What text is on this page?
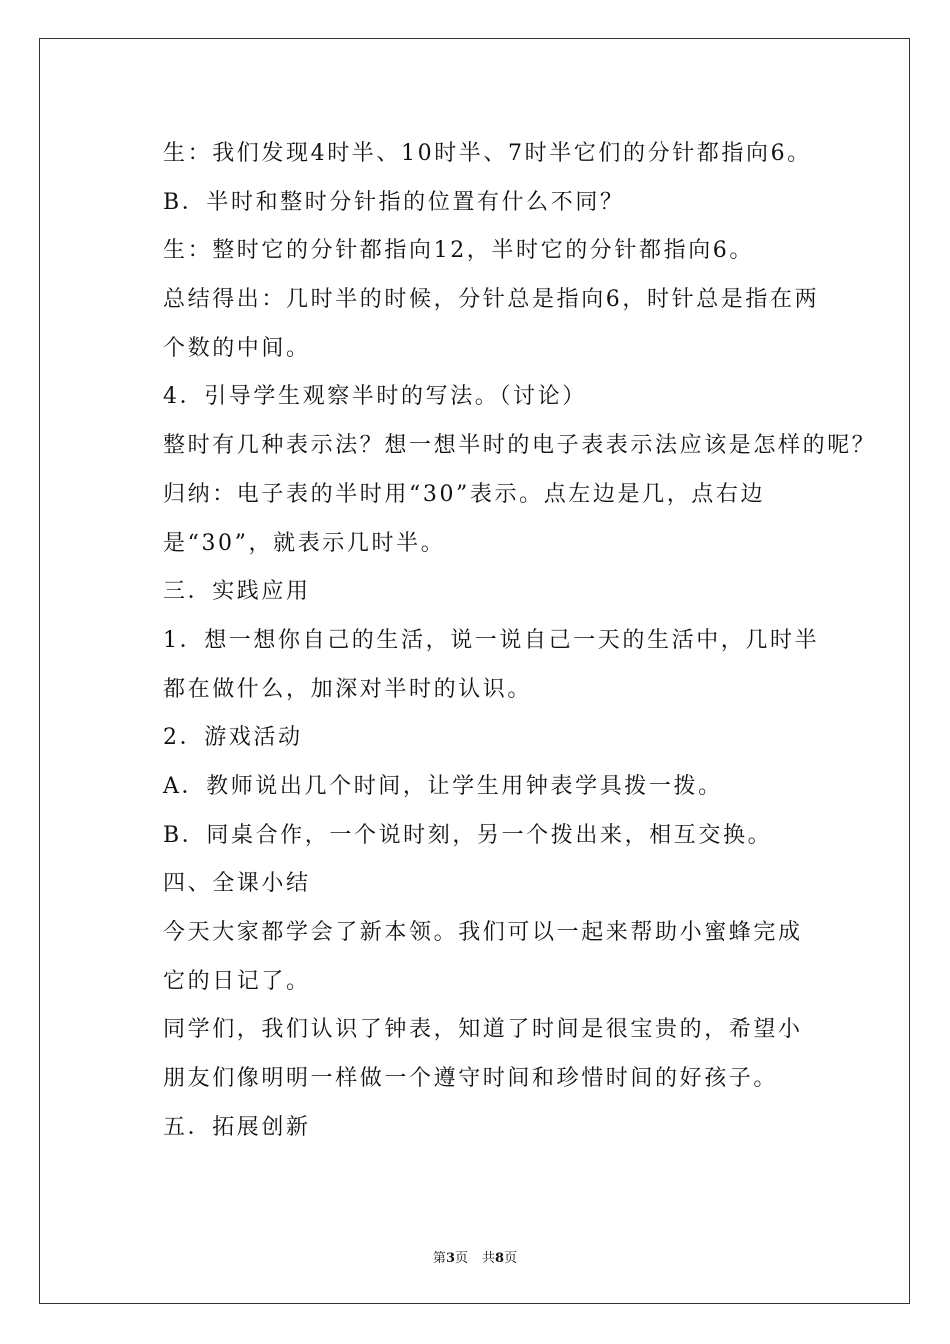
生：我们发现4时半、10时半、7时半它们的分针都指向6。
B．半时和整时分针指的位置有什么不同？
生：整时它的分针都指向12，半时它的分针都指向6。
总结得出：几时半的时候，分针总是指向6，时针总是指在两
个数的中间。
4．引导学生观察半时的写法。（讨论）
整时有几种表示法？想一想半时的电子表表示法应该是怎样的呢？
归纳：电子表的半时用“30”表示。点左边是几，点右边
是“30”，就表示几时半。
三．实践应用
1．想一想你自己的生活，说一说自己一天的生活中，几时半
都在做什么，加深对半时的认识。
2．游戏活动
A．教师说出几个时间，让学生用钟表学具拨一拨。
B．同桌合作，一个说时刻，另一个拨出来，相互交换。
四、全课小结
今天大家都学会了新本领。我们可以一起来帮助小蜜蜂完成
它的日记了。
同学们，我们认识了钟表，知道了时间是很宝贵的，希望小
朋友们像明明一样做一个遵守时间和珍惜时间的好孩子。
五．拓展创新
第3页 共8页
